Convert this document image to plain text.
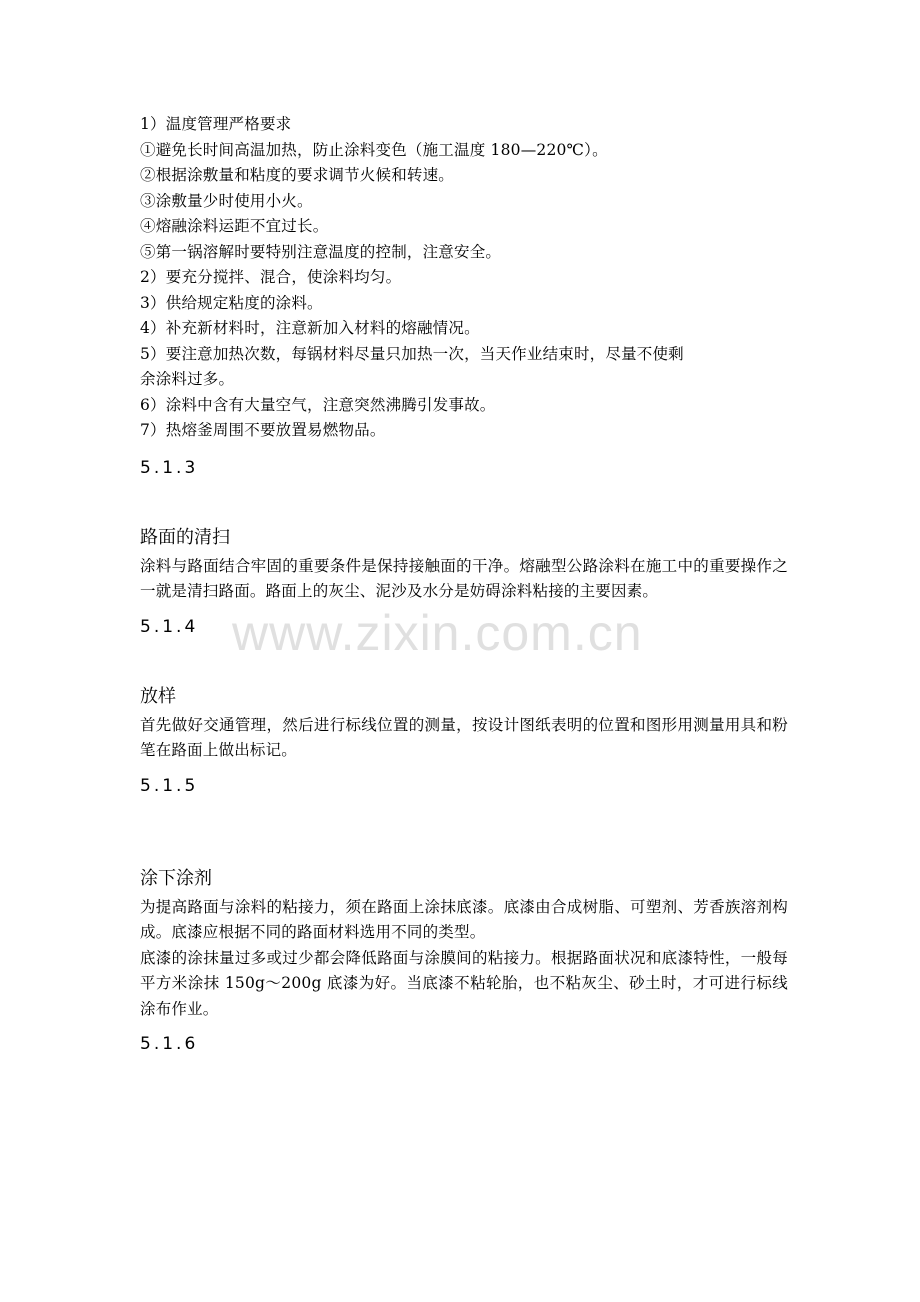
www.zixin.com.cn
1）温度管理严格要求
①避免长时间高温加热，防止涂料变色（施工温度 180—220℃）。
②根据涂敷量和粘度的要求调节火候和转速。
③涂敷量少时使用小火。
④熔融涂料运距不宜过长。
⑤第一锅溶解时要特别注意温度的控制，注意安全。
2）要充分搅拌、混合，使涂料均匀。
3）供给规定粘度的涂料。
4）补充新材料时，注意新加入材料的熔融情况。
5）要注意加热次数，每锅材料尽量只加热一次，当天作业结束时，尽量不使剩
余涂料过多。
6）涂料中含有大量空气，注意突然沸腾引发事故。
7）热熔釜周围不要放置易燃物品。
5.1.3
路面的清扫
涂料与路面结合牢固的重要条件是保持接触面的干净。熔融型公路涂料在施工中的重要操作之一就是清扫路面。路面上的灰尘、泥沙及水分是妨碍涂料粘接的主要因素。
5.1.4
放样
首先做好交通管理，然后进行标线位置的测量，按设计图纸表明的位置和图形用测量用具和粉笔在路面上做出标记。
5.1.5
涂下涂剂
为提高路面与涂料的粘接力，须在路面上涂抹底漆。底漆由合成树脂、可塑剂、芳香族溶剂构成。底漆应根据不同的路面材料选用不同的类型。
底漆的涂抹量过多或过少都会降低路面与涂膜间的粘接力。根据路面状况和底漆特性，一般每平方米涂抹 150g～200g 底漆为好。当底漆不粘轮胎，也不粘灰尘、砂土时，才可进行标线涂布作业。
5.1.6
